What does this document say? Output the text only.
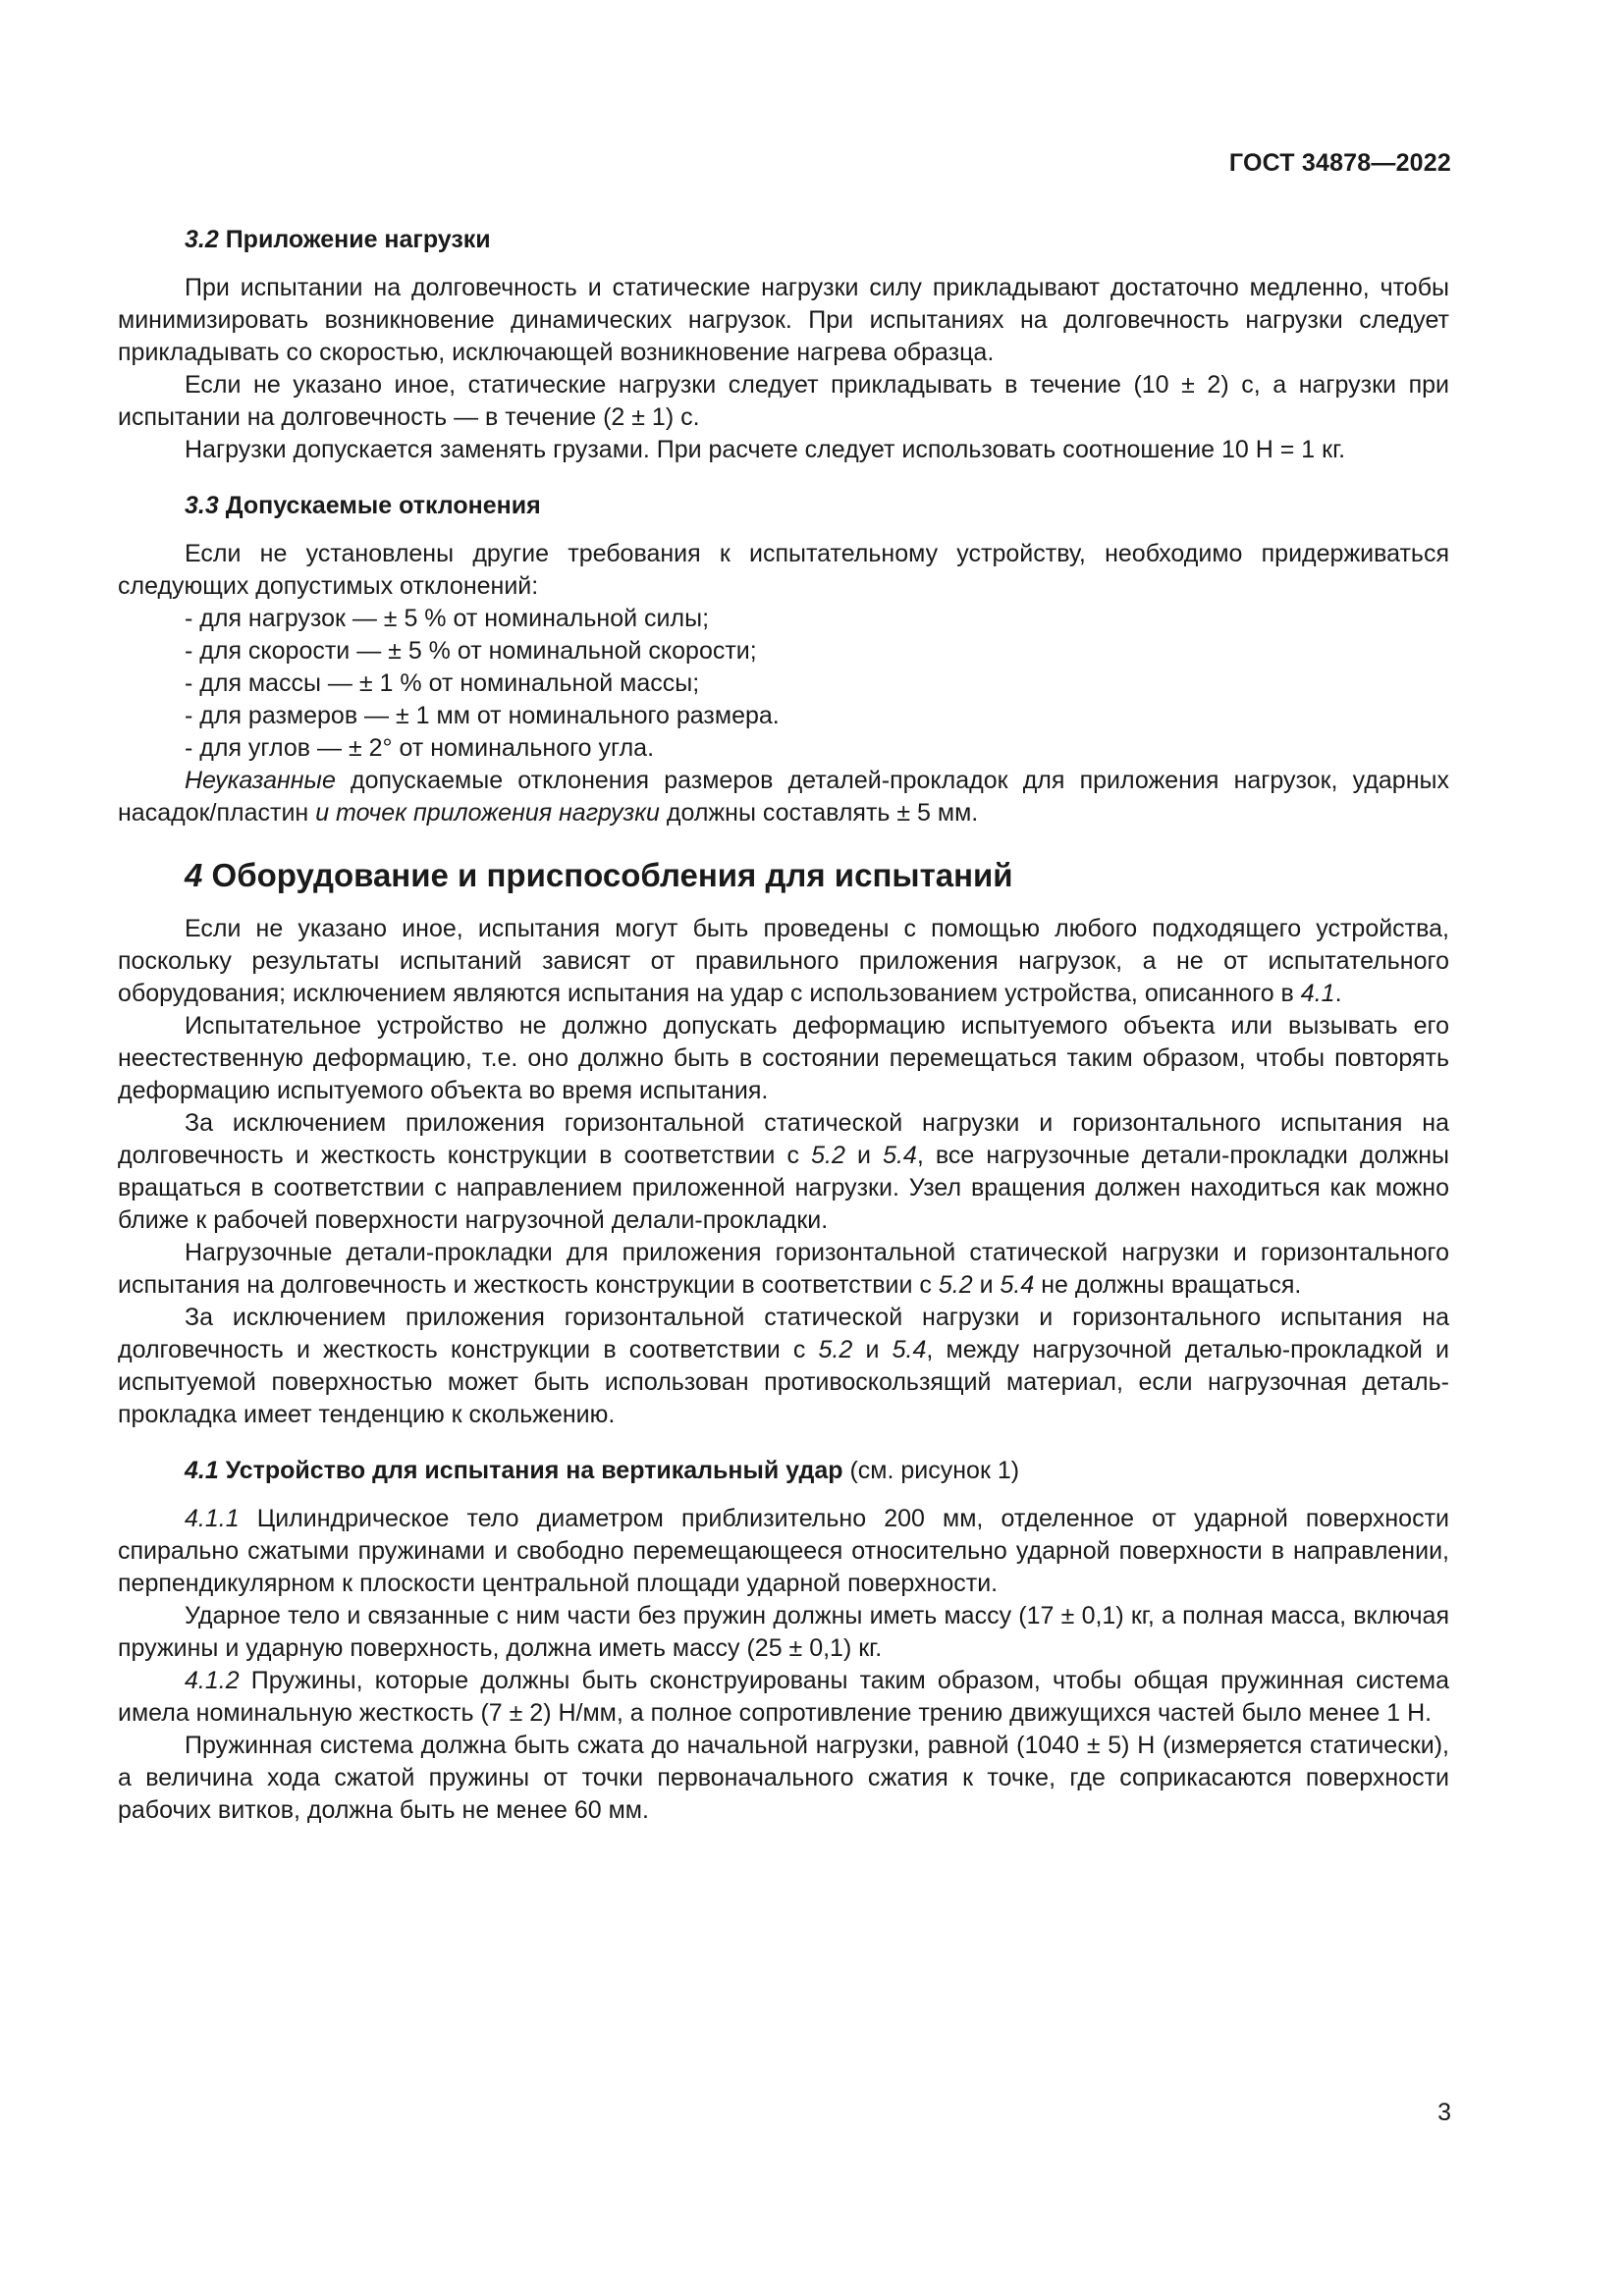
ГОСТ 34878—2022
3.2 Приложение нагрузки

При испытании на долговечность и статические нагрузки силу прикладывают достаточно медленно, чтобы минимизировать возникновение динамических нагрузок. При испытаниях на долговечность нагрузки следует прикладывать со скоростью, исключающей возникновение нагрева образца.

Если не указано иное, статические нагрузки следует прикладывать в течение (10 ± 2) с, а нагрузки при испытании на долговечность — в течение (2 ± 1) с.

Нагрузки допускается заменять грузами. При расчете следует использовать соотношение 10 Н = 1 кг.

3.3 Допускаемые отклонения

Если не установлены другие требования к испытательному устройству, необходимо придерживаться следующих допустимых отклонений:

- для нагрузок — ± 5 % от номинальной силы;
- для скорости — ± 5 % от номинальной скорости;
- для массы — ± 1 % от номинальной массы;
- для размеров — ± 1 мм от номинального размера.
- для углов — ± 2° от номинального угла.

Неуказанные допускаемые отклонения размеров деталей-прокладок для приложения нагрузок, ударных насадок/пластин и точек приложения нагрузки должны составлять ± 5 мм.

4 Оборудование и приспособления для испытаний

Если не указано иное, испытания могут быть проведены с помощью любого подходящего устройства, поскольку результаты испытаний зависят от правильного приложения нагрузок, а не от испытательного оборудования; исключением являются испытания на удар с использованием устройства, описанного в 4.1.

Испытательное устройство не должно допускать деформацию испытуемого объекта или вызывать его неестественную деформацию, т.е. оно должно быть в состоянии перемещаться таким образом, чтобы повторять деформацию испытуемого объекта во время испытания.

За исключением приложения горизонтальной статической нагрузки и горизонтального испытания на долговечность и жесткость конструкции в соответствии с 5.2 и 5.4, все нагрузочные детали-прокладки должны вращаться в соответствии с направлением приложенной нагрузки. Узел вращения должен находиться как можно ближе к рабочей поверхности нагрузочной делали-прокладки.

Нагрузочные детали-прокладки для приложения горизонтальной статической нагрузки и горизонтального испытания на долговечность и жесткость конструкции в соответствии с 5.2 и 5.4 не должны вращаться.

За исключением приложения горизонтальной статической нагрузки и горизонтального испытания на долговечность и жесткость конструкции в соответствии с 5.2 и 5.4, между нагрузочной деталью-прокладкой и испытуемой поверхностью может быть использован противоскользящий материал, если нагрузочная деталь-прокладка имеет тенденцию к скольжению.

4.1 Устройство для испытания на вертикальный удар (см. рисунок 1)

4.1.1 Цилиндрическое тело диаметром приблизительно 200 мм, отделенное от ударной поверхности спирально сжатыми пружинами и свободно перемещающееся относительно ударной поверхности в направлении, перпендикулярном к плоскости центральной площади ударной поверхности.

Ударное тело и связанные с ним части без пружин должны иметь массу (17 ± 0,1) кг, а полная масса, включая пружины и ударную поверхность, должна иметь массу (25 ± 0,1) кг.

4.1.2 Пружины, которые должны быть сконструированы таким образом, чтобы общая пружинная система имела номинальную жесткость (7 ± 2) Н/мм, а полное сопротивление трению движущихся частей было менее 1 Н.

Пружинная система должна быть сжата до начальной нагрузки, равной (1040 ± 5) Н (измеряется статически), а величина хода сжатой пружины от точки первоначального сжатия к точке, где соприкасаются поверхности рабочих витков, должна быть не менее 60 мм.

3
